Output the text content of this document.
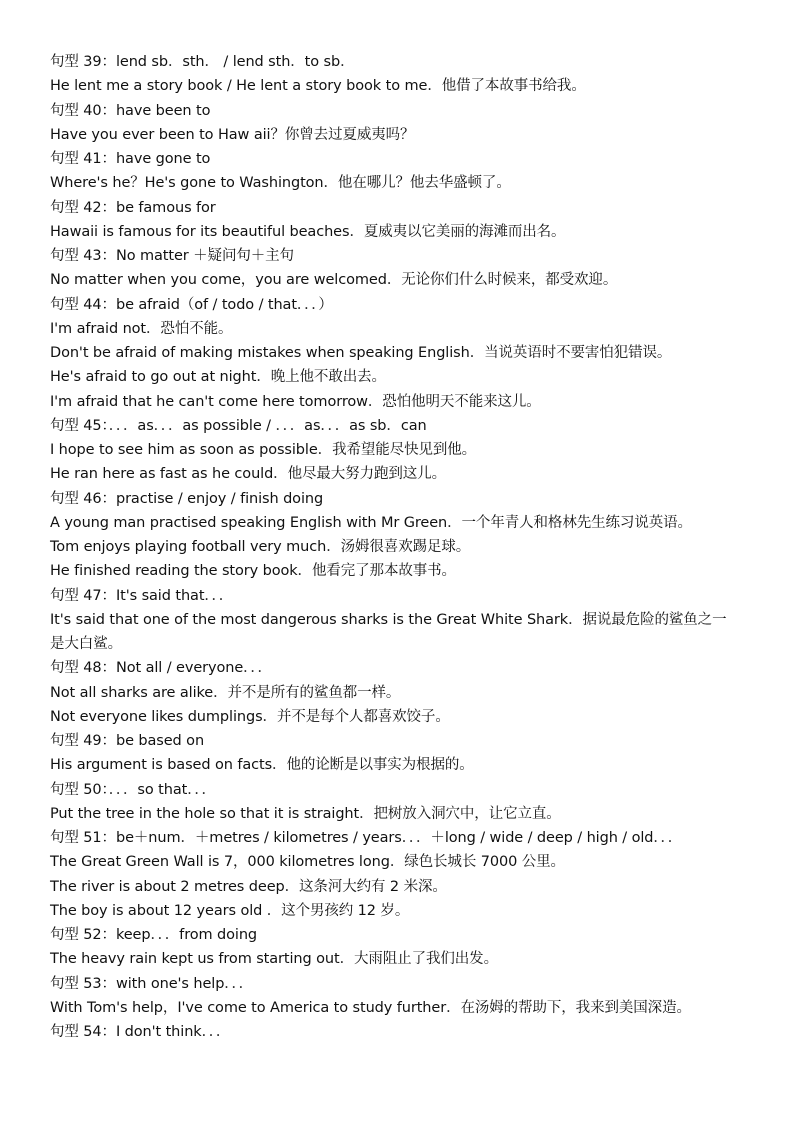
句型 39：lend sb．sth． / lend sth．to sb．
He lent me a story book / He lent a story book to me．他借了本故事书给我。
句型 40：have been to
Have you ever been to Haw aii？你曾去过夏威夷吗？
句型 41：have gone to
Where's he？He's gone to Washington．他在哪儿？他去华盛顿了。
句型 42：be famous for
Hawaii is famous for its beautiful beaches．夏威夷以它美丽的海滩而出名。
句型 43：No matter ＋疑问句＋主句
No matter when you come，you are welcomed．无论你们什么时候来，都受欢迎。
句型 44：be afraid（of / todo / that．．．）
I'm afraid not．恐怕不能。
Don't be afraid of making mistakes when speaking English．当说英语时不要害怕犯错误。
He's afraid to go out at night．晚上他不敢出去。
I'm afraid that he can't come here tomorrow．恐怕他明天不能来这儿。
句型 45：．．．as．．．as possible / ．．．as．．．as sb．can
I hope to see him as soon as possible．我希望能尽快见到他。
He ran here as fast as he could．他尽最大努力跑到这儿。
句型 46：practise / enjoy / finish doing
A young man practised speaking English with Mr Green．一个年青人和格林先生练习说英语。
Tom enjoys playing football very much．汤姆很喜欢踢足球。
He finished reading the story book．他看完了那本故事书。
句型 47：It's said that．．．
It's said that one of the most dangerous sharks is the Great White Shark．据说最危险的鲨鱼之一
是大白鲨。
句型 48：Not all / everyone．．．
Not all sharks are alike．并不是所有的鲨鱼都一样。
Not everyone likes dumplings．并不是每个人都喜欢饺子。
句型 49：be based on
His argument is based on facts．他的论断是以事实为根据的。
句型 50：．．．so that．．．
Put the tree in the hole so that it is straight．把树放入洞穴中，让它立直。
句型 51：be＋num．＋metres / kilometres / years．．．＋long / wide / deep / high / old．．．
The Great Green Wall is 7，000 kilometres long．绿色长城长 7000 公里。
The river is about 2 metres deep．这条河大约有 2 米深。
The boy is about 12 years old ．这个男孩约 12 岁。
句型 52：keep．．．from doing
The heavy rain kept us from starting out．大雨阻止了我们出发。
句型 53：with one's help．．．
With Tom's help，I've come to America to study further．在汤姆的帮助下，我来到美国深造。
句型 54：I don't think．．．
